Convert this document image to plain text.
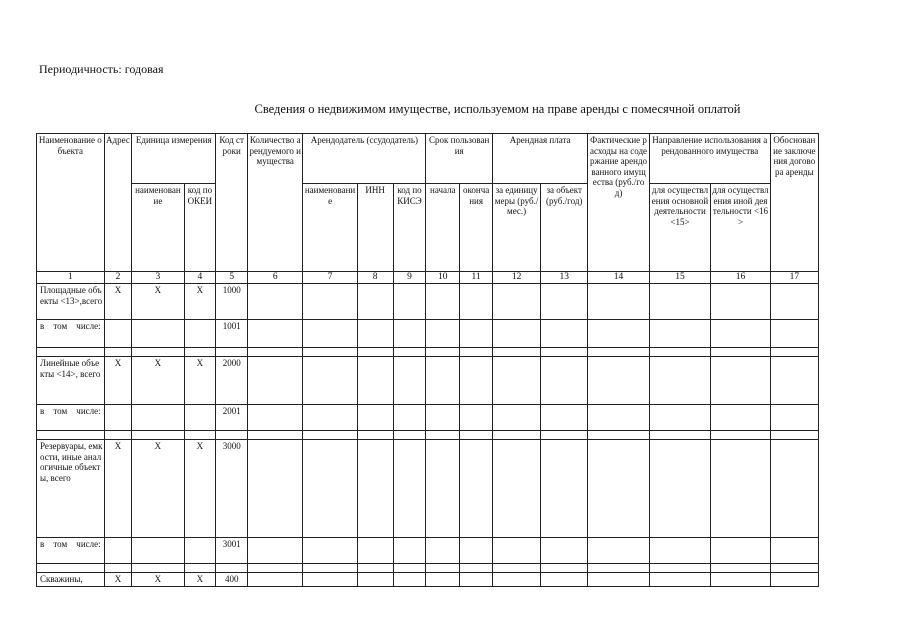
Периодичность: годовая
Сведения о недвижимом имуществе, используемом на праве аренды с помесячной оплатой
Наименование объекта	Адрес	Единица измерения		Код строки	Количество арендуемого имущества	Арендодатель (ссудодатель)			Срок пользования		Арендная плата		Фактические расходы на содержание арендованного имущества (руб./год)	Направление использования арендованного имущества		Обоснование заключения договора аренды
		наименование	код по ОКЕИ			наименование	ИНН	код по КИСЭ	начала	окончания	за единицу меры (руб./мес.)	за объект (руб./год)		для осуществления основной деятельности <15>	для осуществления иной деятельности <16>	
1	2	3	4	5	6	7	8	9	10	11	12	13	14	15	16	17
Площадные объекты <13>,всего	X	X	X	1000												
в том числе:				1001												

Линейные объекты <14>, всего	X	X	X	2000												
в том числе:				2001												

Резервуары, емкости, иные аналогичные объекты, всего	X	X	X	3000												
в том числе:				3001												

Скважины,	X	X	X	400												
